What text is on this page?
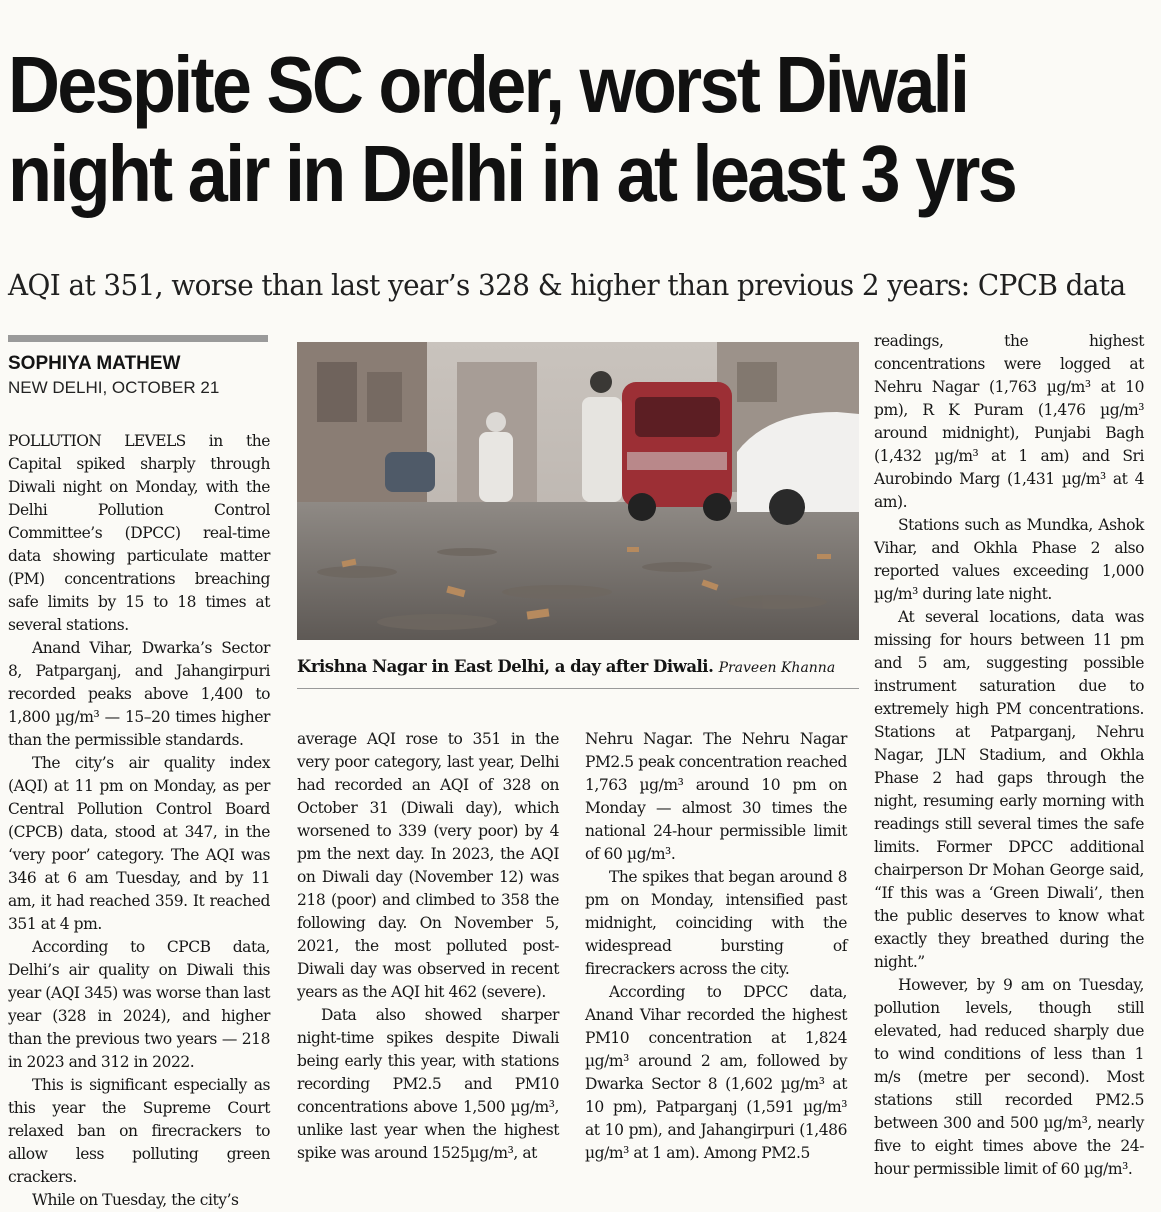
Despite SC order, worst Diwali
night air in Delhi in at least 3 yrs
AQI at 351, worse than last year’s 328 & higher than previous 2 years: CPCB data
SOPHIYA MATHEW
NEW DELHI, OCTOBER 21

POLLUTION LEVELS in the Capital spiked sharply through Diwali night on Monday, with the Delhi Pollution Control Committee’s (DPCC) real-time data showing particulate matter (PM) concentrations breaching safe limits by 15 to 18 times at several stations.

Anand Vihar, Dwarka’s Sector 8, Patparganj, and Jahangirpuri recorded peaks above 1,400 to 1,800 µg/m³ — 15–20 times higher than the permissible standards.

The city’s air quality index (AQI) at 11 pm on Monday, as per Central Pollution Control Board (CPCB) data, stood at 347, in the ‘very poor’ category. The AQI was 346 at 6 am Tuesday, and by 11 am, it had reached 359. It reached 351 at 4 pm.

According to CPCB data, Delhi’s air quality on Diwali this year (AQI 345) was worse than last year (328 in 2024), and higher than the previous two years — 218 in 2023 and 312 in 2022.

This is significant especially as this year the Supreme Court relaxed ban on firecrackers to allow less polluting green crackers.

While on Tuesday, the city’s

Krishna Nagar in East Delhi, a day after Diwali. Praveen Khanna

average AQI rose to 351 in the very poor category, last year, Delhi had recorded an AQI of 328 on October 31 (Diwali day), which worsened to 339 (very poor) by 4 pm the next day. In 2023, the AQI on Diwali day (November 12) was 218 (poor) and climbed to 358 the following day. On November 5, 2021, the most polluted post-Diwali day was observed in recent years as the AQI hit 462 (severe).

Data also showed sharper night-time spikes despite Diwali being early this year, with stations recording PM2.5 and PM10 concentrations above 1,500 µg/m³, unlike last year when the highest spike was around 1525µg/m³, at

Nehru Nagar. The Nehru Nagar PM2.5 peak concentration reached 1,763 µg/m³ around 10 pm on Monday — almost 30 times the national 24-hour permissible limit of 60 µg/m³.

The spikes that began around 8 pm on Monday, intensified past midnight, coinciding with the widespread bursting of firecrackers across the city.

According to DPCC data, Anand Vihar recorded the highest PM10 concentration at 1,824 µg/m³ around 2 am, followed by Dwarka Sector 8 (1,602 µg/m³ at 10 pm), Patparganj (1,591 µg/m³ at 10 pm), and Jahangirpuri (1,486 µg/m³ at 1 am). Among PM2.5

readings, the highest concentrations were logged at Nehru Nagar (1,763 µg/m³ at 10 pm), R K Puram (1,476 µg/m³ around midnight), Punjabi Bagh (1,432 µg/m³ at 1 am) and Sri Aurobindo Marg (1,431 µg/m³ at 4 am).

Stations such as Mundka, Ashok Vihar, and Okhla Phase 2 also reported values exceeding 1,000 µg/m³ during late night.

At several locations, data was missing for hours between 11 pm and 5 am, suggesting possible instrument saturation due to extremely high PM concentrations. Stations at Patparganj, Nehru Nagar, JLN Stadium, and Okhla Phase 2 had gaps through the night, resuming early morning with readings still several times the safe limits. Former DPCC additional chairperson Dr Mohan George said, “If this was a ‘Green Diwali’, then the public deserves to know what exactly they breathed during the night.”

However, by 9 am on Tuesday, pollution levels, though still elevated, had reduced sharply due to wind conditions of less than 1 m/s (metre per second). Most stations still recorded PM2.5 between 300 and 500 µg/m³, nearly five to eight times above the 24-hour permissible limit of 60 µg/m³.
